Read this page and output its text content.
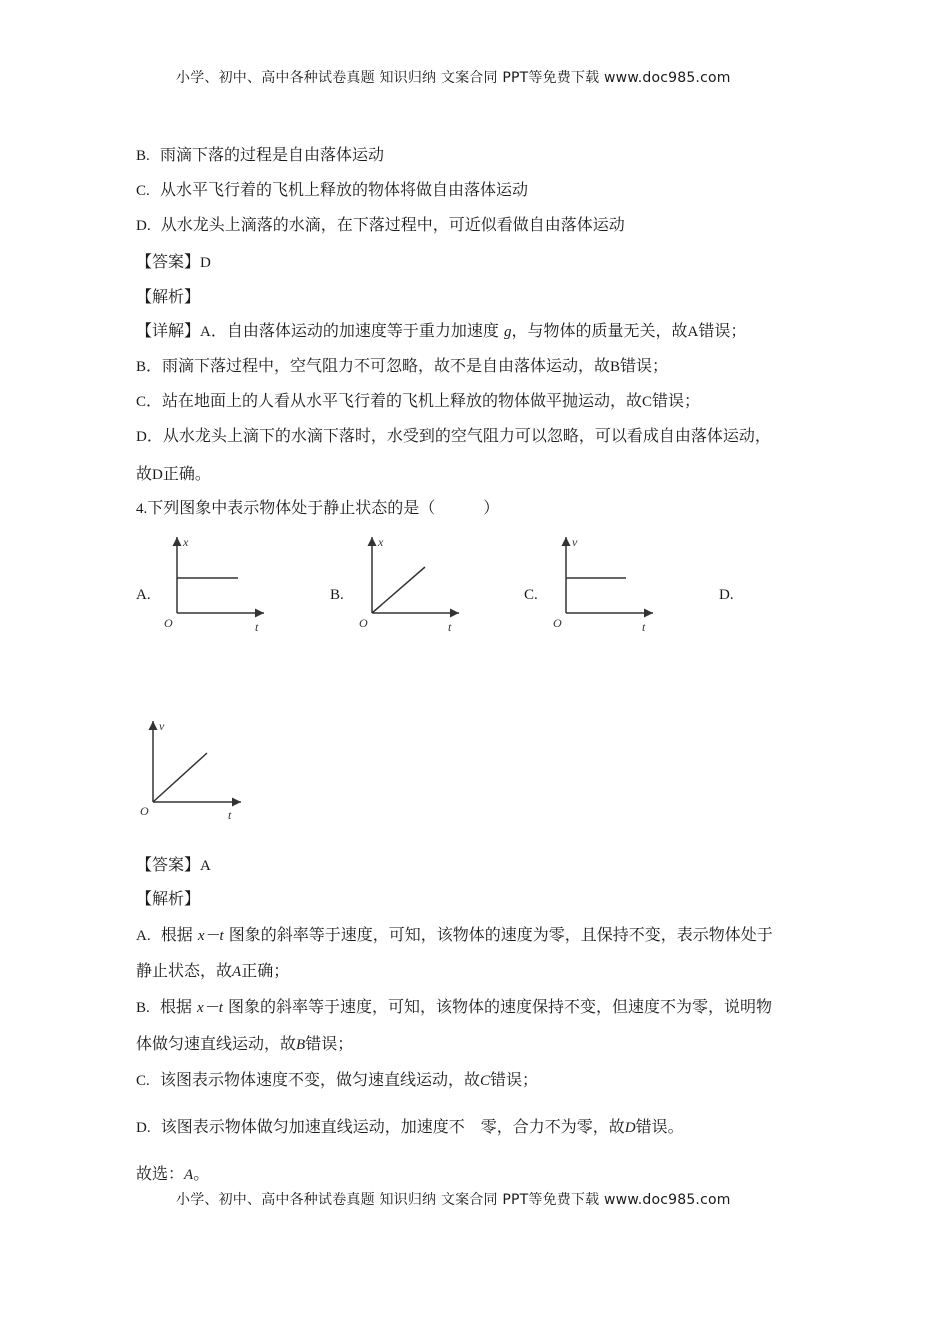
小学、初中、高中各种试卷真题 知识归纳 文案合同 PPT等免费下载 www.doc985.com
B. 雨滴下落的过程是自由落体运动
C. 从水平飞行着的飞机上释放的物体将做自由落体运动
D. 从水龙头上滴落的水滴，在下落过程中，可近似看做自由落体运动
【答案】D
【解析】
【详解】A．自由落体运动的加速度等于重力加速度 g，与物体的质量无关，故A错误；
B．雨滴下落过程中，空气阻力不可忽略，故不是自由落体运动，故B错误；
C．站在地面上的人看从水平飞行着的飞机上释放的物体做平抛运动，故C错误；
D．从水龙头上滴下的水滴下落时，水受到的空气阻力可以忽略，可以看成自由落体运动，
故D正确。
4.下列图象中表示物体处于静止状态的是（　　　）
A.	B.	C.	D.
x
t
O
x
t
O
v
t
O
v
t
O
【答案】A
【解析】
A. 根据 x－t 图象的斜率等于速度，可知，该物体的速度为零，且保持不变，表示物体处于
静止状态，故A正确；
B. 根据 x－t 图象的斜率等于速度，可知，该物体的速度保持不变，但速度不为零，说明物
体做匀速直线运动，故B错误；
C. 该图表示物体速度不变，做匀速直线运动，故C错误；
D. 该图表示物体做匀加速直线运动，加速度不　零，合力不为零，故D错误。
故选：A。
小学、初中、高中各种试卷真题 知识归纳 文案合同 PPT等免费下载 www.doc985.com
